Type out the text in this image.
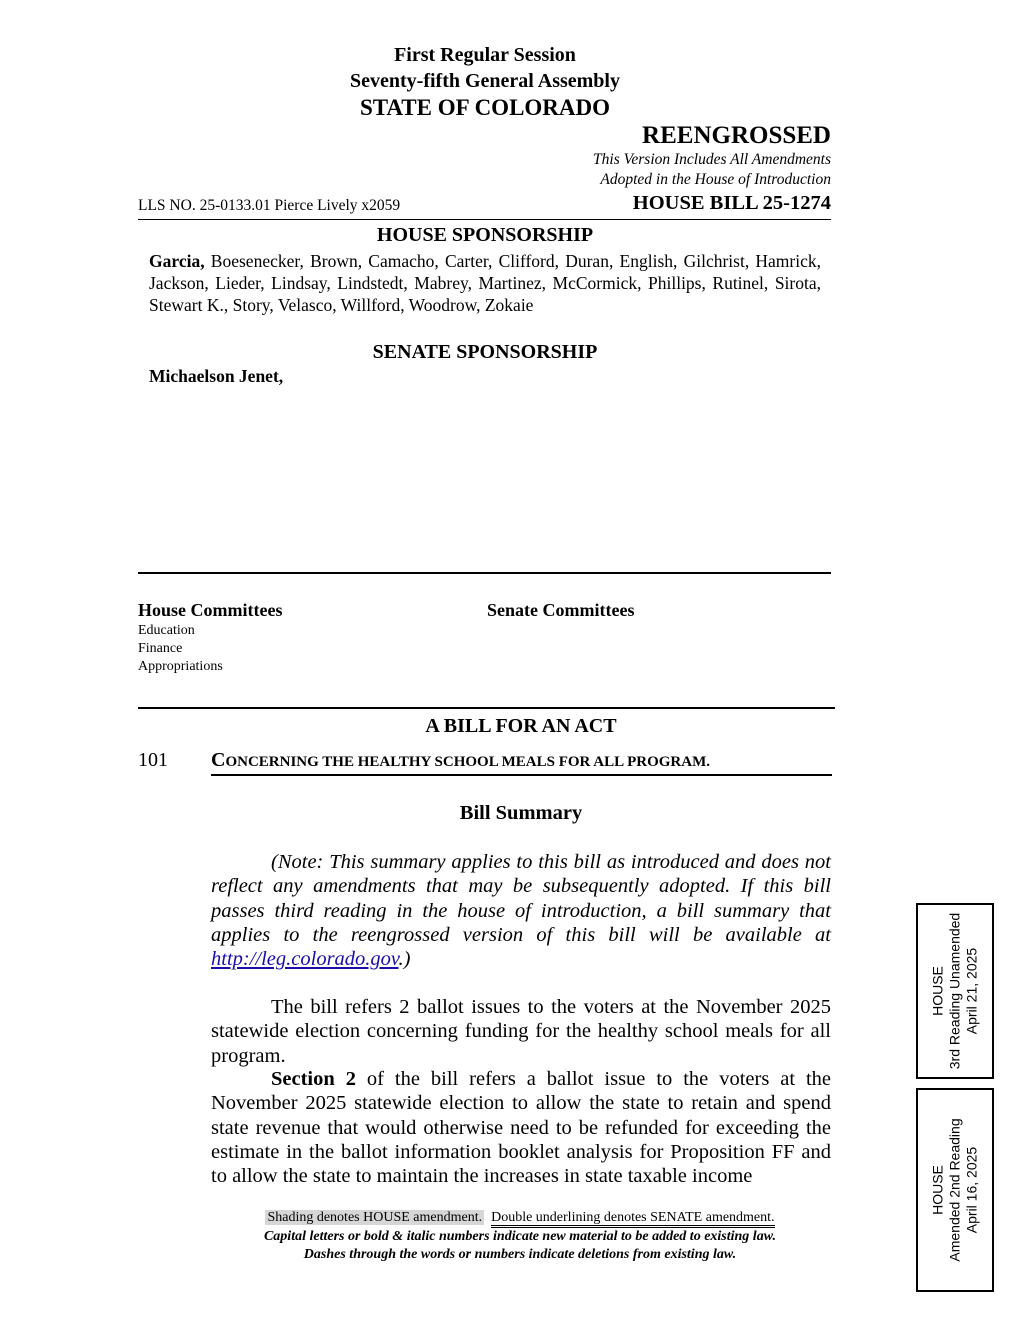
First Regular Session
Seventy-fifth General Assembly
STATE OF COLORADO
REENGROSSED
This Version Includes All Amendments
Adopted in the House of Introduction
LLS NO. 25-0133.01 Pierce Lively x2059	HOUSE BILL 25-1274
HOUSE SPONSORSHIP
Garcia, Boesenecker, Brown, Camacho, Carter, Clifford, Duran, English, Gilchrist, Hamrick, Jackson, Lieder, Lindsay, Lindstedt, Mabrey, Martinez, McCormick, Phillips, Rutinel, Sirota, Stewart K., Story, Velasco, Willford, Woodrow, Zokaie
SENATE SPONSORSHIP
Michaelson Jenet,
House Committees	Senate Committees
Education
Finance
Appropriations
A BILL FOR AN ACT
101 CONCERNING THE HEALTHY SCHOOL MEALS FOR ALL PROGRAM.
Bill Summary
(Note: This summary applies to this bill as introduced and does not reflect any amendments that may be subsequently adopted. If this bill passes third reading in the house of introduction, a bill summary that applies to the reengrossed version of this bill will be available at http://leg.colorado.gov.)
The bill refers 2 ballot issues to the voters at the November 2025 statewide election concerning funding for the healthy school meals for all program.
Section 2 of the bill refers a ballot issue to the voters at the November 2025 statewide election to allow the state to retain and spend state revenue that would otherwise need to be refunded for exceeding the estimate in the ballot information booklet analysis for Proposition FF and to allow the state to maintain the increases in state taxable income
Shading denotes HOUSE amendment. Double underlining denotes SENATE amendment.
Capital letters or bold & italic numbers indicate new material to be added to existing law.
Dashes through the words or numbers indicate deletions from existing law.
HOUSE 3rd Reading Unamended April 21, 2025
HOUSE Amended 2nd Reading April 16, 2025
